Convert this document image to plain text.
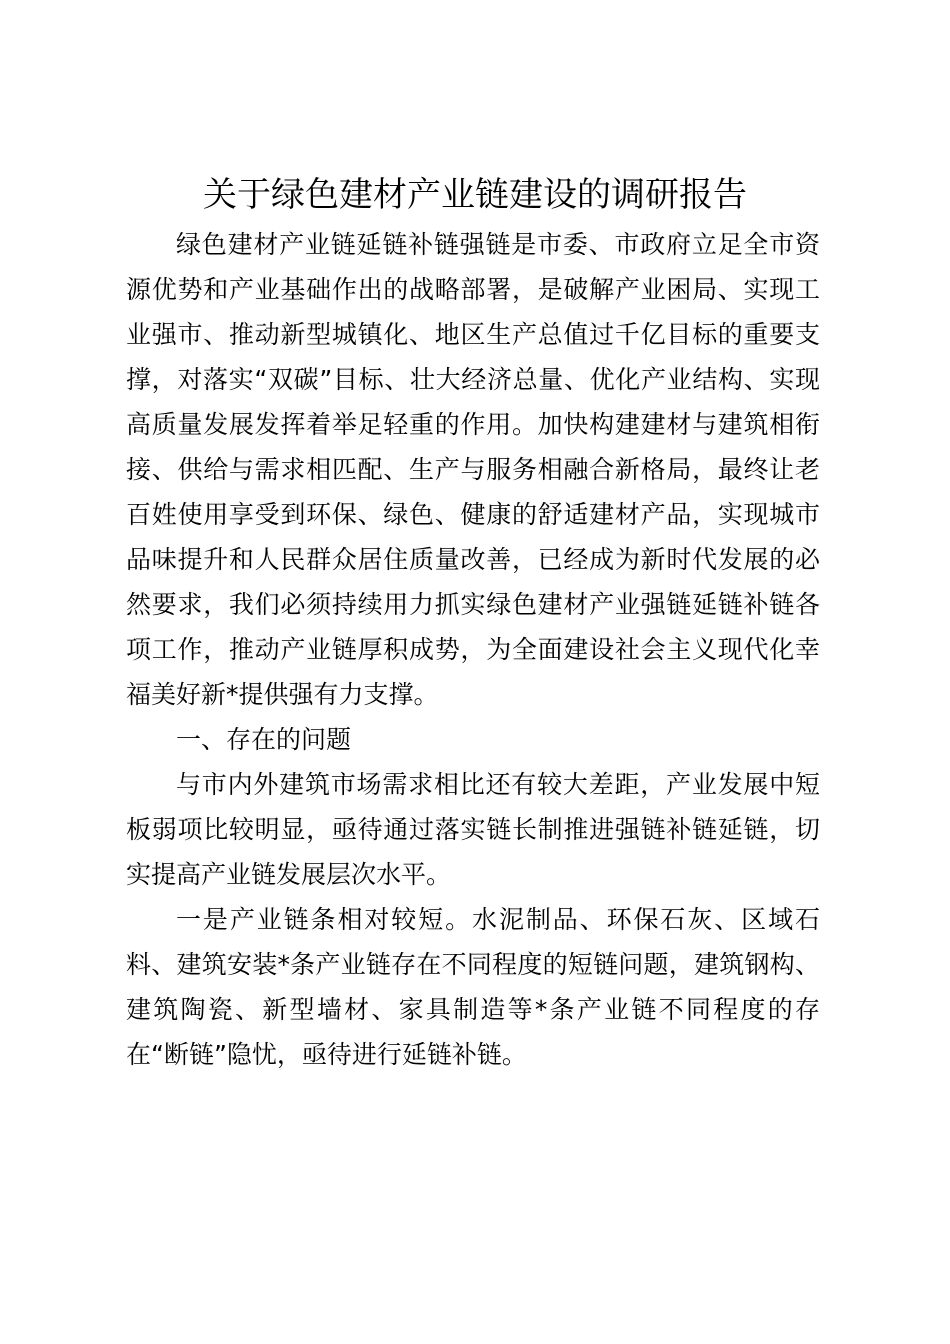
关于绿色建材产业链建设的调研报告

绿色建材产业链延链补链强链是市委、市政府立足全市资源优势和产业基础作出的战略部署，是破解产业困局、实现工业强市、推动新型城镇化、地区生产总值过千亿目标的重要支撑，对落实“双碳”目标、壮大经济总量、优化产业结构、实现高质量发展发挥着举足轻重的作用。加快构建建材与建筑相衔接、供给与需求相匹配、生产与服务相融合新格局，最终让老百姓使用享受到环保、绿色、健康的舒适建材产品，实现城市品味提升和人民群众居住质量改善，已经成为新时代发展的必然要求，我们必须持续用力抓实绿色建材产业强链延链补链各项工作，推动产业链厚积成势，为全面建设社会主义现代化幸福美好新*提供强有力支撑。

一、存在的问题

与市内外建筑市场需求相比还有较大差距，产业发展中短板弱项比较明显，亟待通过落实链长制推进强链补链延链，切实提高产业链发展层次水平。

一是产业链条相对较短。水泥制品、环保石灰、区域石料、建筑安装*条产业链存在不同程度的短链问题，建筑钢构、建筑陶瓷、新型墙材、家具制造等*条产业链不同程度的存在“断链”隐忧，亟待进行延链补链。
